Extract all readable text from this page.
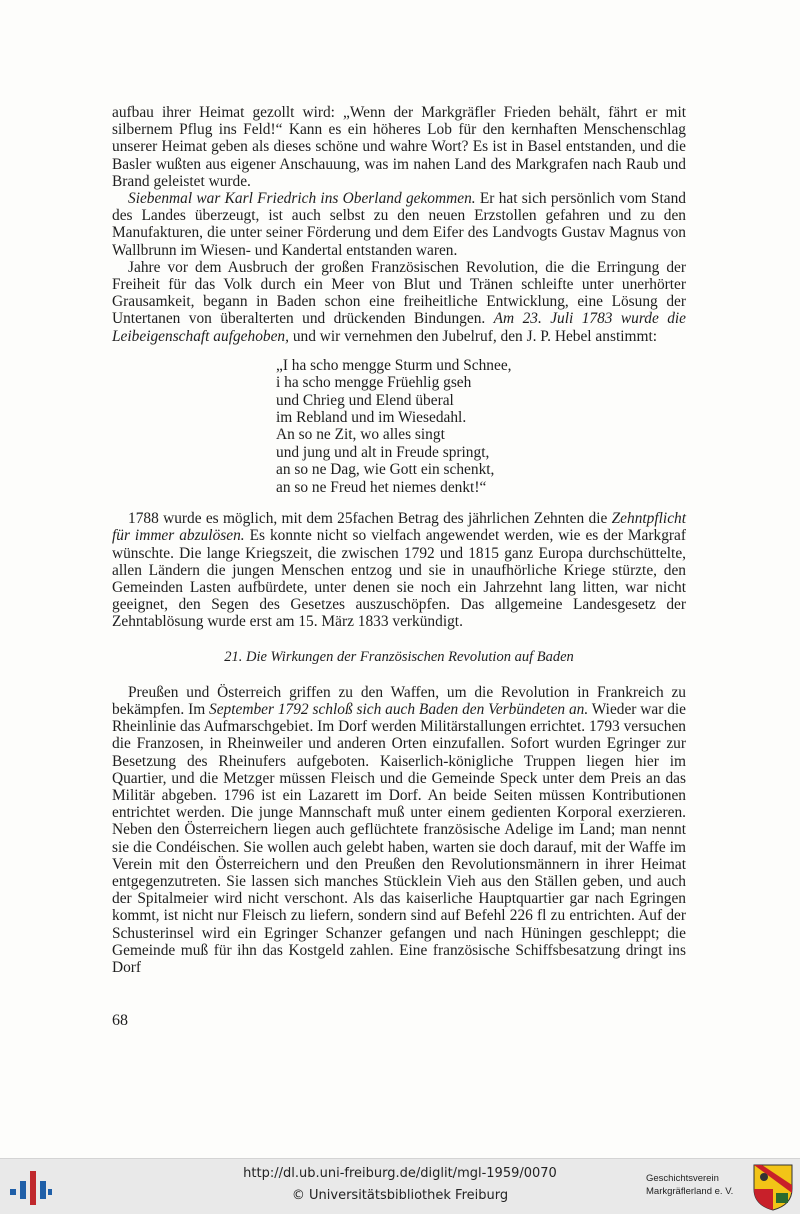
aufbau ihrer Heimat gezollt wird: „Wenn der Markgräfler Frieden behält, fährt er mit silbernem Pflug ins Feld!“ Kann es ein höheres Lob für den kernhaften Menschenschlag unserer Heimat geben als dieses schöne und wahre Wort? Es ist in Basel entstanden, und die Basler wußten aus eigener Anschauung, was im nahen Land des Markgrafen nach Raub und Brand geleistet wurde.

Siebenmal war Karl Friedrich ins Oberland gekommen. Er hat sich persönlich vom Stand des Landes überzeugt, ist auch selbst zu den neuen Erzstollen gefahren und zu den Manufakturen, die unter seiner Förderung und dem Eifer des Landvogts Gustav Magnus von Wallbrunn im Wiesen- und Kandertal entstanden waren.

Jahre vor dem Ausbruch der großen Französischen Revolution, die die Erringung der Freiheit für das Volk durch ein Meer von Blut und Tränen schleifte unter unerhörter Grausamkeit, begann in Baden schon eine freiheitliche Entwicklung, eine Lösung der Untertanen von überalterten und drückenden Bindungen. Am 23. Juli 1783 wurde die Leibeigenschaft aufgehoben, und wir vernehmen den Jubelruf, den J. P. Hebel anstimmt:

„I ha scho mengge Sturm und Schnee,
i ha scho mengge Früehlig gseh
und Chrieg und Elend überal
im Rebland und im Wiesedahl.
An so ne Zit, wo alles singt
und jung und alt in Freude springt,
an so ne Dag, wie Gott ein schenkt,
an so ne Freud het niemes denkt!“

1788 wurde es möglich, mit dem 25fachen Betrag des jährlichen Zehnten die Zehntpflicht für immer abzulösen. Es konnte nicht so vielfach angewendet werden, wie es der Markgraf wünschte. Die lange Kriegszeit, die zwischen 1792 und 1815 ganz Europa durchschüttelte, allen Ländern die jungen Menschen entzog und sie in unaufhörliche Kriege stürzte, den Gemeinden Lasten aufbürdete, unter denen sie noch ein Jahrzehnt lang litten, war nicht geeignet, den Segen des Gesetzes auszuschöpfen. Das allgemeine Landesgesetz der Zehntablösung wurde erst am 15. März 1833 verkündigt.

21. Die Wirkungen der Französischen Revolution auf Baden

Preußen und Österreich griffen zu den Waffen, um die Revolution in Frankreich zu bekämpfen. Im September 1792 schloß sich auch Baden den Verbündeten an. Wieder war die Rheinlinie das Aufmarschgebiet. Im Dorf werden Militärstallungen errichtet. 1793 versuchen die Franzosen, in Rheinweiler und anderen Orten einzufallen. Sofort wurden Egringer zur Besetzung des Rheinufers aufgeboten. Kaiserlich-königliche Truppen liegen hier im Quartier, und die Metzger müssen Fleisch und die Gemeinde Speck unter dem Preis an das Militär abgeben. 1796 ist ein Lazarett im Dorf. An beide Seiten müssen Kontributionen entrichtet werden. Die junge Mannschaft muß unter einem gedienten Korporal exerzieren. Neben den Österreichern liegen auch geflüchtete französische Adelige im Land; man nennt sie die Condéischen. Sie wollen auch gelebt haben, warten sie doch darauf, mit der Waffe im Verein mit den Österreichern und den Preußen den Revolutionsmännern in ihrer Heimat entgegenzutreten. Sie lassen sich manches Stücklein Vieh aus den Ställen geben, und auch der Spitalmeier wird nicht verschont. Als das kaiserliche Hauptquartier gar nach Egringen kommt, ist nicht nur Fleisch zu liefern, sondern sind auf Befehl 226 fl zu entrichten. Auf der Schusterinsel wird ein Egringer Schanzer gefangen und nach Hüningen geschleppt; die Gemeinde muß für ihn das Kostgeld zahlen. Eine französische Schiffsbesatzung dringt ins Dorf

68
http://dl.ub.uni-freiburg.de/diglit/mgl-1959/0070
© Universitätsbibliothek Freiburg
Geschichtsverein
Markgräflerland e. V.
